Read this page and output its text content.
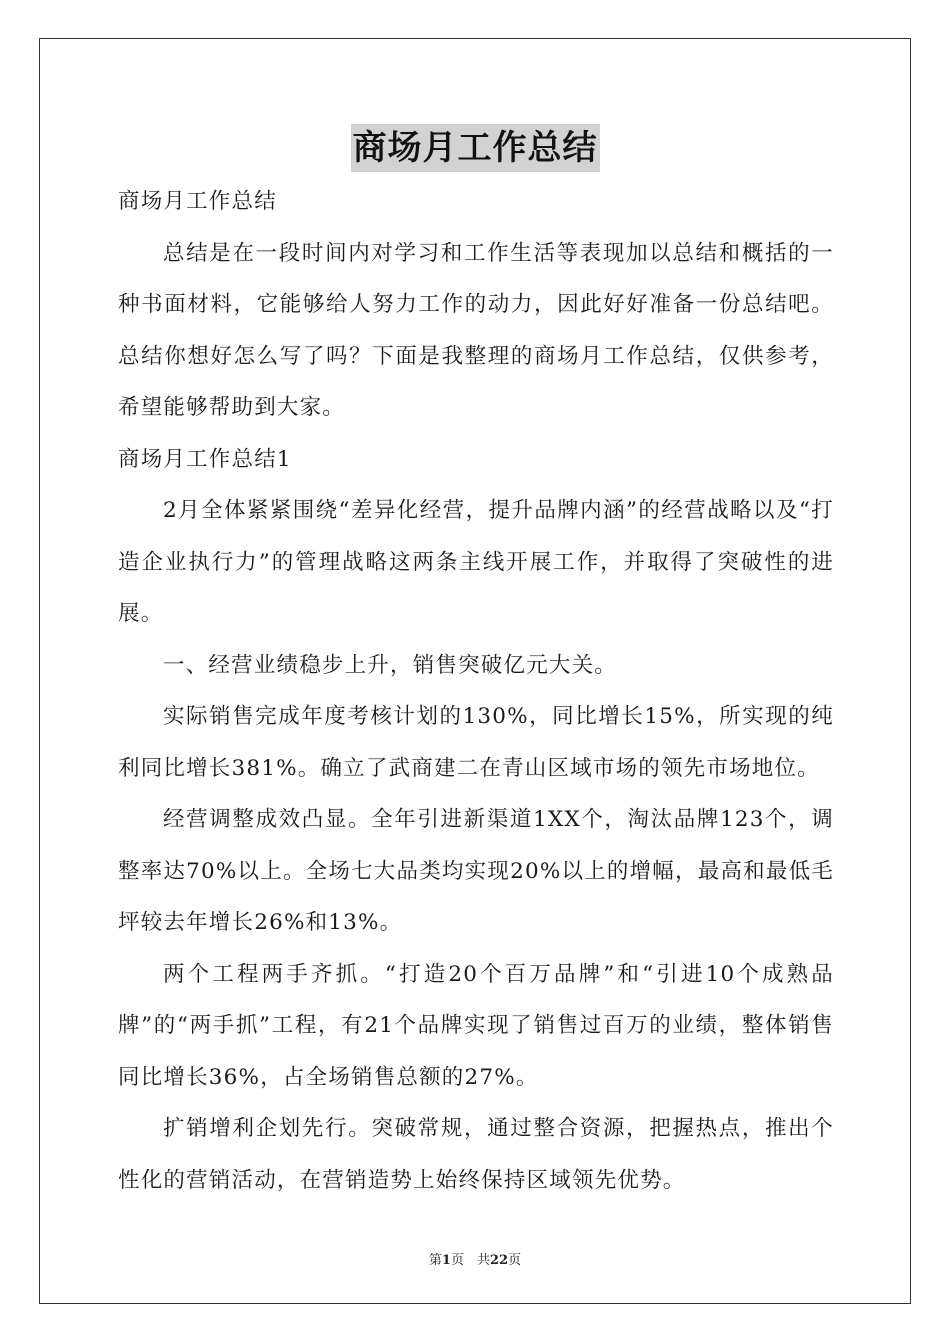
商场月工作总结

商场月工作总结

总结是在一段时间内对学习和工作生活等表现加以总结和概括的一种书面材料，它能够给人努力工作的动力，因此好好准备一份总结吧。总结你想好怎么写了吗？下面是我整理的商场月工作总结，仅供参考，希望能够帮助到大家。

商场月工作总结1

2月全体紧紧围绕“差异化经营，提升品牌内涵”的经营战略以及“打造企业执行力”的管理战略这两条主线开展工作，并取得了突破性的进展。

一、经营业绩稳步上升，销售突破亿元大关。

实际销售完成年度考核计划的130%，同比增长15%，所实现的纯利同比增长381%。确立了武商建二在青山区域市场的领先市场地位。

经营调整成效凸显。全年引进新渠道1XX个，淘汰品牌123个，调整率达70%以上。全场七大品类均实现20%以上的增幅，最高和最低毛坪较去年增长26%和13%。

两个工程两手齐抓。“打造20个百万品牌”和“引进10个成熟品牌”的“两手抓”工程，有21个品牌实现了销售过百万的业绩，整体销售同比增长36%，占全场销售总额的27%。

扩销增利企划先行。突破常规，通过整合资源，把握热点，推出个性化的营销活动，在营销造势上始终保持区域领先优势。

第1页　共22页
